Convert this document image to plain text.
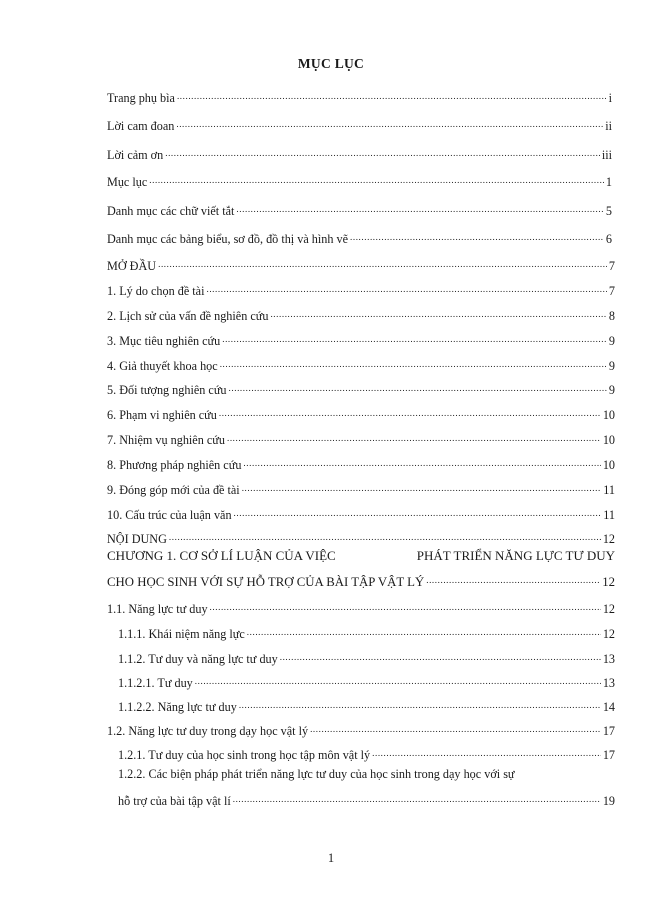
MỤC LỤC
Trang phụ bìa .....	i
Lời cam đoan .....	ii
Lời cảm ơn .....	iii
Mục lục .....	1
Danh mục các chữ viết tắt .....	5
Danh mục các bảng biểu, sơ đồ, đồ thị và hình vẽ .....	6
MỞ ĐẦU .....	7
1. Lý do chọn đề tài .....	7
2. Lịch sử của vấn đề nghiên cứu .....	8
3. Mục tiêu nghiên cứu .....	9
4. Giả thuyết khoa học .....	9
5. Đối tượng nghiên cứu .....	9
6. Phạm vi nghiên cứu .....	10
7. Nhiệm vụ nghiên cứu .....	10
8. Phương pháp nghiên cứu .....	10
9. Đóng góp mới của đề tài .....	11
10. Cấu trúc của luận văn .....	11
NỘI DUNG .....	12
CHƯƠNG 1. CƠ SỞ LÍ LUẬN CỦA VIỆC	PHÁT TRIỂN NĂNG LỰC TƯ DUY
CHO HỌC SINH VỚI SỰ HỖ TRỢ CỦA BÀI TẬP VẬT LÝ .....	12
1.1. Năng lực tư duy .....	12
1.1.1. Khái niệm năng lực .....	12
1.1.2. Tư duy và năng lực tư duy .....	13
1.1.2.1. Tư duy .....	13
1.1.2.2. Năng lực tư duy .....	14
1.2. Năng lực tư duy trong dạy học vật lý .....	17
1.2.1. Tư duy của học sinh trong học tập môn vật lý .....	17
1.2.2. Các biện pháp phát triển năng lực tư duy của học sinh trong dạy học với sự
hỗ trợ của bài tập vật lí .....	19
1
